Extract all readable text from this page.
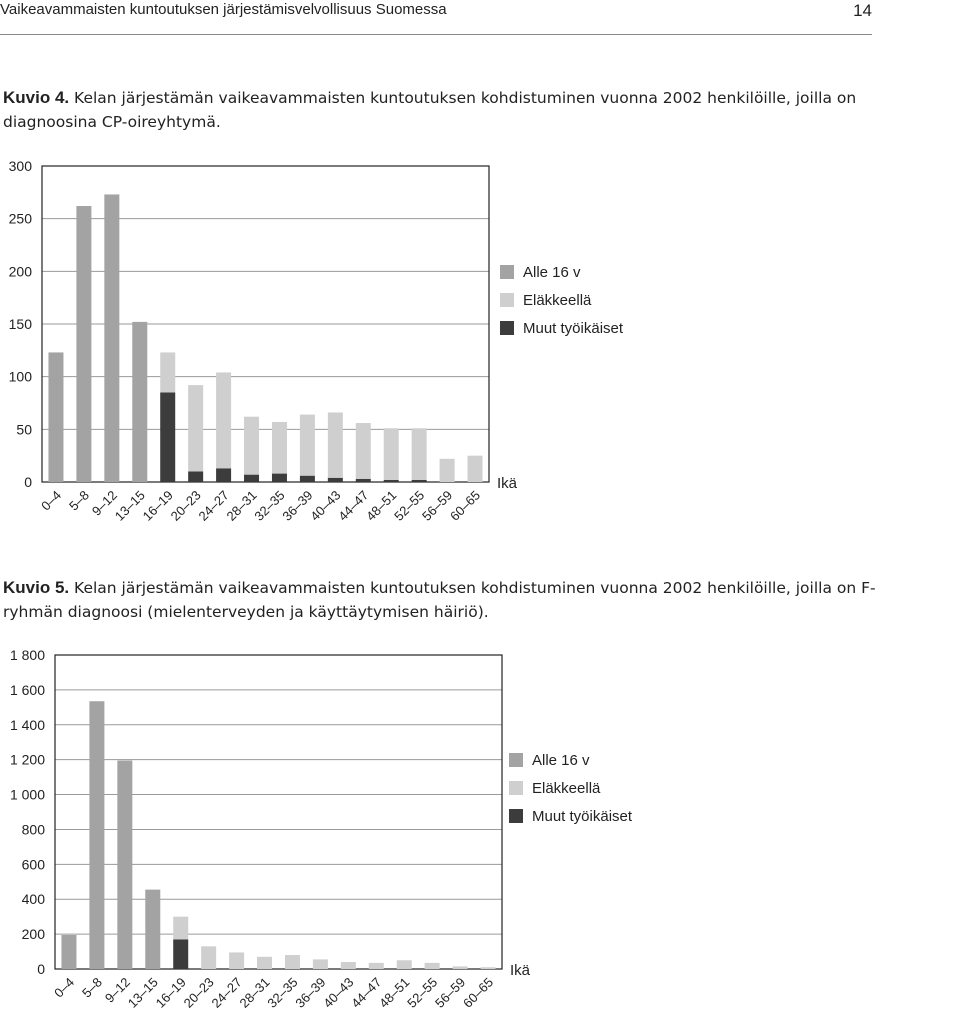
Vaikeavammaisten kuntoutuksen järjestämisvelvollisuus Suomessa	14
Kuvio 4. Kelan järjestämän vaikeavammaisten kuntoutuksen kohdistuminen vuonna 2002 henkilöille, joilla on diagnoosina CP-oireyhtymä.
0
50
100
150
200
250
300
0–4 5–8
9–12
13–15
16–19
20–23
24–27
28–31
32–35
36–39
40–43
44–47
48–51
52–55
56–59
60–65
Ikä
Alle 16 v
Eläkkeellä
Muut työikäiset
Kuvio 5. Kelan järjestämän vaikeavammaisten kuntoutuksen kohdistuminen vuonna 2002 henkilöille, joilla on F-ryhmän diagnoosi (mielenterveyden ja käyttäytymisen häiriö).
0
200
400
600
800
1 000
1 200
1 400
1 600
1 800
0–4 5–8
9–12
13–15
16–19
20–23
24–27
28–31
32–35
36–39
40–43
44–47
48–51
52–55
56–59
60–65
Ikä
Alle 16 v
Eläkkeellä
Muut työikäiset
